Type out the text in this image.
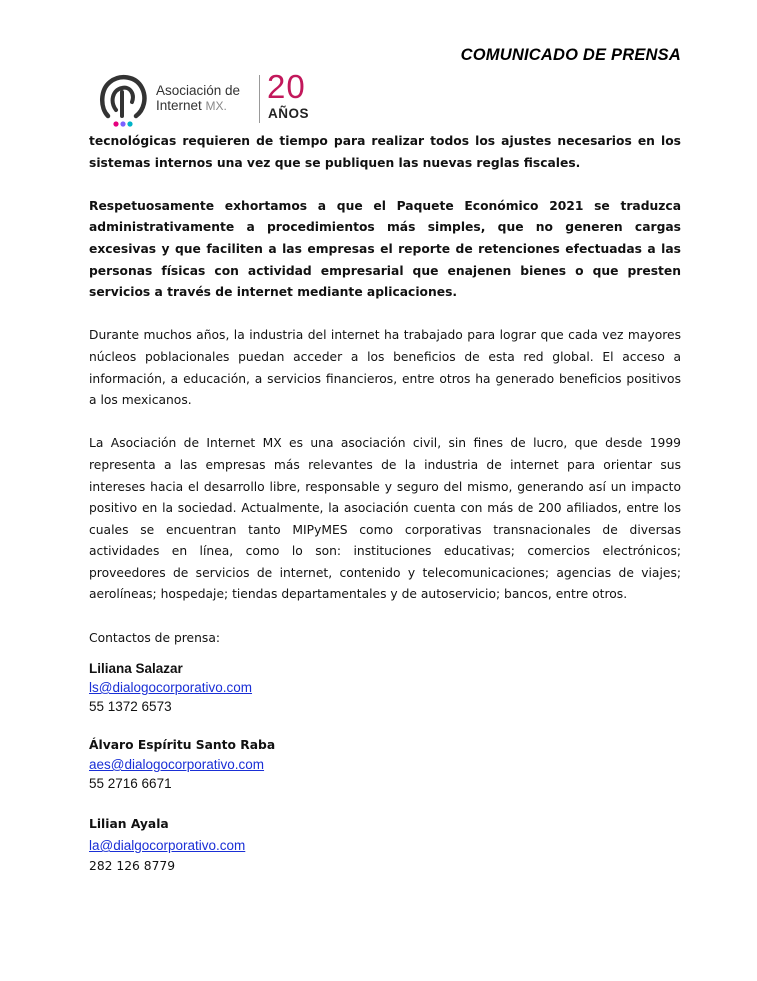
COMUNICADO DE PRENSA
Asociación de
Internet MX.
20
AÑOS

tecnológicas requieren de tiempo para realizar todos los ajustes necesarios en los sistemas internos una vez que se publiquen las nuevas reglas fiscales.

Respetuosamente exhortamos a que el Paquete Económico 2021 se traduzca administrativamente a procedimientos más simples, que no generen cargas excesivas y que faciliten a las empresas el reporte de retenciones efectuadas a las personas físicas con actividad empresarial que enajenen bienes o que presten servicios a través de internet mediante aplicaciones.

Durante muchos años, la industria del internet ha trabajado para lograr que cada vez mayores núcleos poblacionales puedan acceder a los beneficios de esta red global. El acceso a información, a educación, a servicios financieros, entre otros ha generado beneficios positivos a los mexicanos.

La Asociación de Internet MX es una asociación civil, sin fines de lucro, que desde 1999 representa a las empresas más relevantes de la industria de internet para orientar sus intereses hacia el desarrollo libre, responsable y seguro del mismo, generando así un impacto positivo en la sociedad. Actualmente, la asociación cuenta con más de 200 afiliados, entre los cuales se encuentran tanto MIPyMES como corporativas transnacionales de diversas actividades en línea, como lo son: instituciones educativas; comercios electrónicos; proveedores de servicios de internet, contenido y telecomunicaciones; agencias de viajes; aerolíneas; hospedaje; tiendas departamentales y de autoservicio; bancos, entre otros.

Contactos de prensa:

Liliana Salazar
ls@dialogocorporativo.com
55 1372 6573
Álvaro Espíritu Santo Raba
aes@dialogocorporativo.com
55 2716 6671
Lilian Ayala
la@dialgocorporativo.com
282 126 8779
